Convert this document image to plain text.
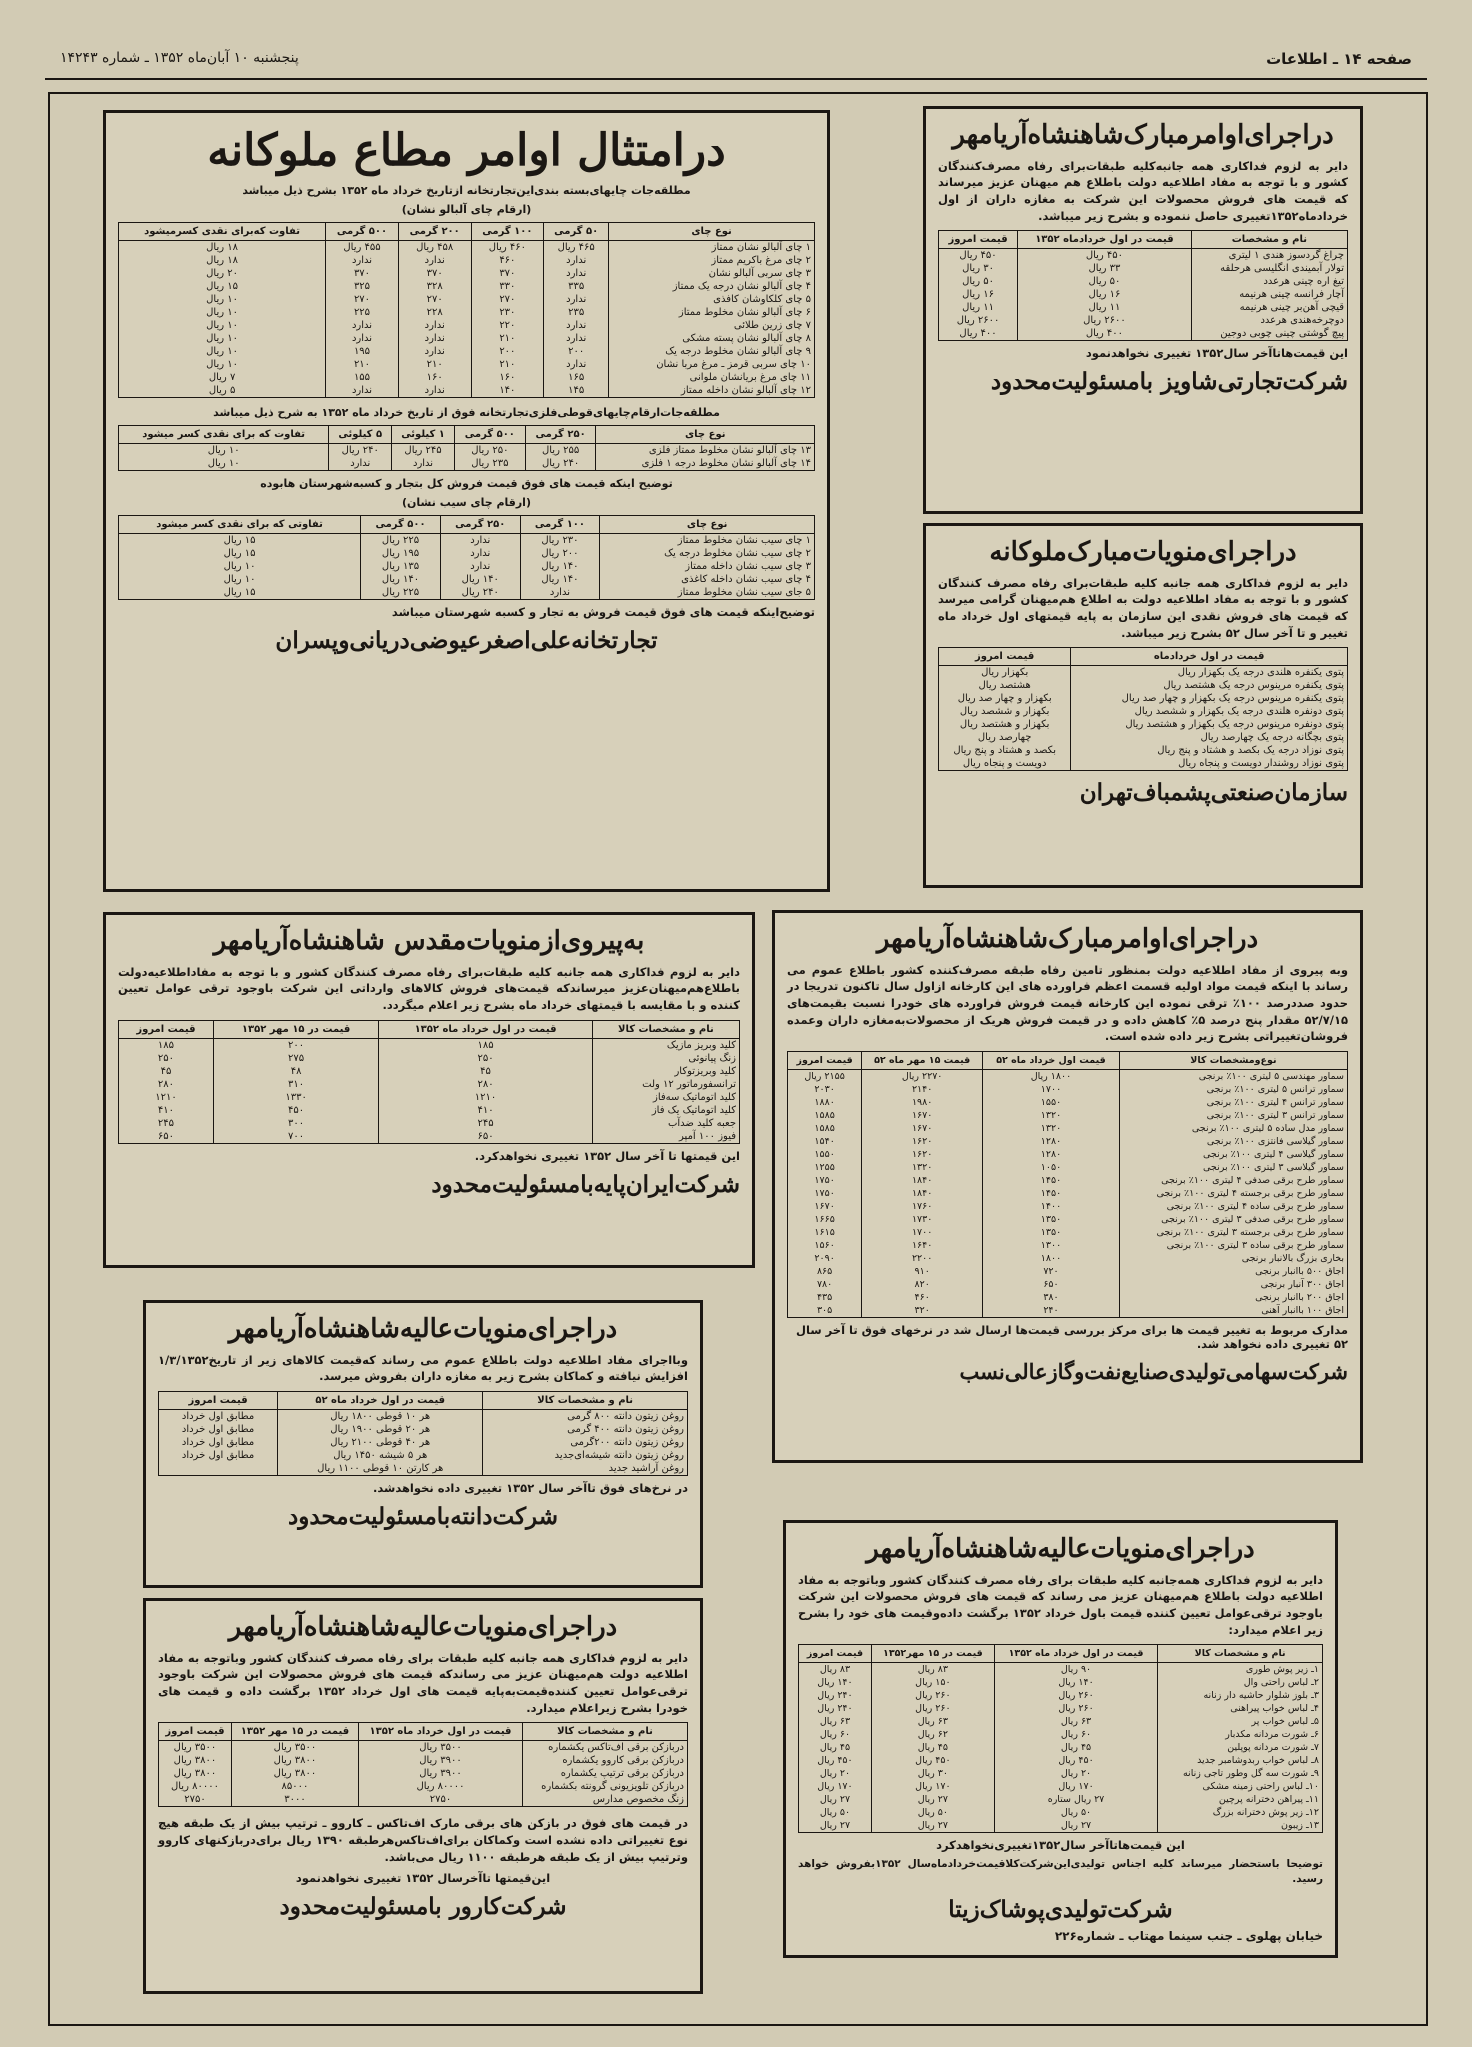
صفحه ۱۴ ـ اطلاعات
پنجشنبه ۱۰ آبان‌ماه ۱۳۵۲ ـ شماره ۱۴۲۴۳
درامتثال اوامر مطاع ملوکانه
مطلقه‌جات چایهای‌بسته بندی‌این‌تجارتخانه ازتاریخ خرداد ماه ۱۳۵۲ بشرح ذیل میباشد
(ارقام چای آلبالو نشان)
نوع چای	۵۰ گرمی	۱۰۰ گرمی	۲۰۰ گرمی	۵۰۰ گرمی	تفاوت که‌برای نقدی کسرمیشود
۱ چای آلبالو نشان ممتاز	۴۶۵ ریال	۴۶۰ ریال	۴۵۸ ریال	۴۵۵ ریال	۱۸ ریال
۲ چای مرغ باکریم ممتاز	ندارد	۴۶۰	ندارد	ندارد	۱۸ ریال
۳ چای سربی آلبالو نشان	ندارد	۳۷۰	۳۷۰	۳۷۰	۲۰ ریال
۴ چای آلبالو نشان درجه یک ممتاز	۳۳۵	۳۳۰	۳۲۸	۳۲۵	۱۵ ریال
۵ چای کلکاوشان کافذی	ندارد	۲۷۰	۲۷۰	۲۷۰	۱۰ ریال
۶ چای آلبالو نشان مخلوط ممتاز	۲۳۵	۲۳۰	۲۲۸	۲۲۵	۱۰ ریال
۷ چای زرین طلائی	ندارد	۲۲۰	ندارد	ندارد	۱۰ ریال
۸ چای آلبالو نشان پسته مشکی	ندارد	۲۱۰	ندارد	ندارد	۱۰ ریال
۹ چای آلبالو نشان مخلوط درجه یک	۲۰۰	۲۰۰	ندارد	۱۹۵	۱۰ ریال
۱۰ چای سربی قرمز ـ مرغ مربا نشان	ندارد	۲۱۰	۲۱۰	۲۱۰	۱۰ ریال
۱۱ چای مرغ بریانشان ملوانی	۱۶۵	۱۶۰	۱۶۰	۱۵۵	۷ ریال
۱۲ چای آلبالو نشان داخله ممتاز	۱۴۵	۱۴۰	ندارد	ندارد	۵ ریال
مطلقه‌جات‌ارقام‌چایهای‌قوطی‌فلزی‌تجارتخانه فوق از تاریخ خرداد ماه ۱۳۵۲ به شرح ذیل میباشد
نوع چای	۲۵۰ گرمی	۵۰۰ گرمی	۱ کیلوئی	۵ کیلوئی	تفاوت که برای نقدی کسر میشود
۱۳ چای آلبالو نشان مخلوط ممتاز فلزی	۲۵۵ ریال	۲۵۰ ریال	۲۴۵ ریال	۲۴۰ ریال	۱۰ ریال
۱۴ چای آلبالو نشان مخلوط درجه ۱ فلزی	۲۴۰ ریال	۲۳۵ ریال	ندارد	ندارد	۱۰ ریال
توضیح اینکه قیمت های فوق قیمت فروش کل بتجار و کسبه‌شهرستان هابوده
(ارقام چای سیب نشان)
نوع چای	۱۰۰ گرمی	۲۵۰ گرمی	۵۰۰ گرمی	تفاوتی که برای نقدی کسر میشود
۱ چای سیب نشان مخلوط ممتاز	۲۳۰ ریال	ندارد	۲۲۵ ریال	۱۵ ریال
۲ چای سیب نشان مخلوط درجه یک	۲۰۰ ریال	ندارد	۱۹۵ ریال	۱۵ ریال
۳ چای سیب نشان داخله ممتاز	۱۴۰ ریال	ندارد	۱۳۵ ریال	۱۰ ریال
۴ چای سیب نشان داخله کاغذی	۱۴۰ ریال	۱۴۰ ریال	۱۴۰ ریال	۱۰ ریال
۵ جای سیب نشان مخلوط ممتاز	ندارد	۲۴۰ ریال	۲۲۵ ریال	۱۵ ریال
توضیح‌اینکه قیمت های فوق قیمت فروش به تجار و کسبه شهرستان میباشد
تجارتخانه‌علی‌اصغر‌عیوضی‌دریانی‌وپسران
دراجرای‌اوامر‌مبارک‌شاهنشاه‌آریامهر

دایر به لزوم فداکاری همه جانبه‌کلیه طبقات‌برای رفاه مصرف‌کنندگان کشور و با توجه به مفاد اطلاعیه دولت باطلاع هم میهنان عزیز میرساند که قیمت های فروش محصولات این شرکت به مغازه داران از اول خرداد‌ماه۱۳۵۲تغییری حاصل ننموده و بشرح زیر میباشد.

نام و مشخصات	قیمت در اول خرداد‌ماه ۱۳۵۲	قیمت امروز
چراغ گردسوز هندی ۱ لیتری	۴۵۰ ریال	۴۵۰ ریال
تولار آبمیندی انگلیسی هرحلقه	۳۳ ریال	۳۰ ریال
تیغ اره چینی هرعدد	۵۰ ریال	۵۰ ریال
آچار فرانسه چینی هرنیمه	۱۶ ریال	۱۶ ریال
قیچی آهن‌بر چینی هرنیمه	۱۱ ریال	۱۱ ریال
دوچرخه‌هندی هرعدد	۲۶۰۰ ریال	۲۶۰۰ ریال
پیچ گوشتی چینی چوبی دوجین	۴۰۰ ریال	۴۰۰ ریال
این قیمت‌هاتاآخر سال۱۳۵۲ تغییری نخواهدنمود
شرکت‌تجارتی‌شاویز بامسئولیت‌محدود
دراجرای‌منویات‌مبارک‌ملوکانه

دایر به لزوم فداکاری همه جانبه کلیه طبقات‌برای رفاه مصرف کنندگان کشور و با توجه به مفاد اطلاعیه دولت به اطلاع هم‌میهنان گرامی میرسد که قیمت های فروش نقدی این سازمان به پایه قیمتهای اول خرداد ماه تغییر و تا آخر سال ۵۲ بشرح زیر میباشد.

قیمت در اول خردادماه	قیمت امروز
پتوی یکنفره هلندی درجه یک بکهزار ریال	بکهزار ریال
پتوی یکنفره مرینوس درجه یک هشتصد ریال	هشتصد ریال
پتوی یکنفره مرینوس درجه یک بکهزار و چهار صد ریال	بکهزار و چهار صد ریال
پتوی دونفره هلندی درجه یک بکهزار و ششصد ریال	بکهزار و ششصد ریال
پتوی دونفره مرینوس درجه یک بکهزار و هشتصد ریال	بکهزار و هشتصد ریال
پتوی بچگانه درجه یک چهارصد ریال	چهارصد ریال
پتوی نوزاد درجه یک بکصد و هشتاد و پنج ریال	بکصد و هشتاد و پنج ریال
پتوی نوزاد روشندار دویست و پنجاه ریال	دویست و پنجاه ریال
سازمان‌صنعتی‌پشمباف‌تهران
به‌پیروی‌از‌منویات‌مقدس شاهنشاه‌آریامهر

دایر به لزوم فداکاری همه جانبه کلیه طبقات‌برای رفاه مصرف کنندگان کشور و با توجه به مفاداطلاعیه‌دولت باطلاع‌هم‌میهنان‌عزیز میرساندکه قیمت‌های فروش کالاهای وارداتی این شرکت باوجود ترقی عوامل تعیین کننده و با مقایسه با قیمتهای خرداد ماه بشرح زیر اعلام میگردد.

نام و مشخصات کالا	قیمت در اول خرداد ماه ۱۳۵۲	قیمت در ۱۵ مهر ۱۳۵۲	قیمت امروز
کلید وبریز مازیک	۱۸۵	۲۰۰	۱۸۵
زنگ پیانوئی	۲۵۰	۲۷۵	۲۵۰
کلید وبریزتوکار	۴۵	۴۸	۴۵
ترانسفورماتور ۱۲ ولت	۲۸۰	۳۱۰	۲۸۰
کلید اتوماتیک سه‌فاز	۱۲۱۰	۱۳۳۰	۱۲۱۰
کلید اتوماتیک یک فاز	۴۱۰	۴۵۰	۴۱۰
جعبه کلید ضدآب	۲۴۵	۳۰۰	۲۴۵
فیوز ۱۰۰ آمپر	۶۵۰	۷۰۰	۶۵۰
این قیمتها تا آخر سال ۱۳۵۲ تغییری نخواهدکرد.
شرکت‌ایران‌پایه‌بامسئولیت‌محدود
دراجرای‌منویات‌عالیه‌شاهنشاه‌آریامهر

وبااجرای مفاد اطلاعیه دولت باطلاع عموم می رساند که‌قیمت کالاهای زیر از تاریخ۱/۳/۱۳۵۲ افزایش نیافته و کماکان بشرح زیر به مغازه داران بفروش میرسد.

نام و مشخصات کالا	قیمت در اول خرداد ماه ۵۲	قیمت امروز
روغن زیتون دانته ۸۰۰ گرمی	هر ۱۰ قوطی ۱۸۰۰ ریال	مطابق اول خرداد
روغن زیتون دانته ۴۰۰ گرمی	هر ۲۰ قوطی ۱۹۰۰ ریال	مطابق اول خرداد
روغن زیتون دانته ۲۰۰گرمی	هر ۴۰ قوطی ۲۱۰۰ ریال	مطابق اول خرداد
روغن زیتون دانته شیشه‌ای‌جدید	هر ۵ شیشه ۱۴۵۰ ریال	مطابق اول خرداد
روغن آراشید جدید	هر کارتن ۱۰ قوطی ۱۱۰۰ ریال	
در نرخ‌های فوق تاآخر سال ۱۳۵۲ تغییری داده نخواهدشد.
شرکت‌دانته‌بامسئولیت‌محدود
دراجرای‌منویات‌عالیه‌شاهنشاه‌آریامهر

دایر به لزوم فداکاری همه جانبه کلیه طبقات برای رفاه مصرف کنندگان کشور وباتوجه به مفاد اطلاعیه دولت هم‌میهنان عزیز می رساندکه قیمت های فروش محصولات این شرکت باوجود ترقی‌عوامل تعیین کننده‌قیمت‌به‌پایه قیمت های اول خرداد ۱۳۵۲ برگشت داده و قیمت های خودرا بشرح زیراعلام میدارد.

نام و مشخصات کالا	قیمت در اول خرداد ماه ۱۳۵۲	قیمت در ۱۵ مهر ۱۳۵۲	قیمت امروز
دربازکن برقی اف‌تاکس یکشماره	۳۵۰۰ ریال	۳۵۰۰ ریال	۳۵۰۰ ریال
دربازکن برقی کاروو یکشماره	۳۹۰۰ ریال	۳۸۰۰ ریال	۳۸۰۰ ریال
دربازکن برقی ترتیپ یکشماره	۳۹۰۰ ریال	۳۸۰۰ ریال	۳۸۰۰ ریال
دربازکن تلویزیونی گرونته بکشماره	۸۰۰۰۰ ریال	۸۵۰۰۰	۸۰۰۰۰ ریال
زنگ مخصوص مدارس	۲۷۵۰	۳۰۰۰	۲۷۵۰

در قیمت های فوق در بازکن های برقی مارک اف‌تاکس ـ کاروو ـ ترتیپ بیش از یک طبقه هیچ نوع تغییراتی داده نشده است وکماکان برای‌اف‌تاکس‌هرطبقه ۱۳۹۰ ریال برای‌دربازکنهای کاروو وترتیپ بیش از یک طبقه هرطبقه ۱۱۰۰ ریال می‌باشد.

این‌قیمتها تاآخرسال ۱۳۵۲ تغییری نخواهدنمود
شرکت‌کارور بامسئولیت‌محدود
دراجرای‌اوامر‌مبارک‌شاهنشاه‌آریامهر

وبه پیروی از مفاد اطلاعیه دولت بمنظور تامین رفاه طبقه مصرف‌کننده کشور باطلاع عموم می رساند با اینکه قیمت مواد اولیه قسمت اعظم فراورده های این کارخانه ازاول سال تاکنون تدریجا در حدود صددرصد ۱۰۰٪ ترقی نموده این کارخانه قیمت فروش فراورده های خودرا نسبت بقیمت‌های ۵۲/۷/۱۵ مقدار پنج درصد ۵٪ کاهش داده و در قیمت فروش هریک از محصولات‌به‌مغازه داران وعمده فروشان‌تغییراتی بشرح زیر داده شده است.

نوع‌و‌مشخصات کالا	قیمت اول خرداد ماه ۵۲	قیمت ۱۵ مهر ماه ۵۲	قیمت امروز
سماور مهندسی ۵ لیتری ۱۰۰٪ برنجی	۱۸۰۰ ریال	۲۲۷۰ ریال	۲۱۵۵ ریال
سماور ترانس ۵ لیتری ۱۰۰٪ برنجی	۱۷۰۰	۲۱۴۰	۲۰۳۰
سماور ترانس ۴ لیتری ۱۰۰٪ برنجی	۱۵۵۰	۱۹۸۰	۱۸۸۰
سماور ترانس ۳ لیتری ۱۰۰٪ برنجی	۱۳۲۰	۱۶۷۰	۱۵۸۵
سماور مدل ساده ۵ لیتری ۱۰۰٪ برنجی	۱۳۲۰	۱۶۷۰	۱۵۸۵
سماور گیلاسی فانتزی ۱۰۰٪ برنجی	۱۲۸۰	۱۶۲۰	۱۵۴۰
سماور گیلاسی ۴ لیتری ۱۰۰٪ برنجی	۱۲۸۰	۱۶۲۰	۱۵۵۰
سماور گیلاسی ۳ لیتری ۱۰۰٪ برنجی	۱۰۵۰	۱۳۲۰	۱۲۵۵
سماور طرح برقی صدفی ۴ لیتری ۱۰۰٪ برنجی	۱۴۵۰	۱۸۴۰	۱۷۵۰
سماور طرح برقی برجسته ۴ لیتری ۱۰۰٪ برنجی	۱۴۵۰	۱۸۴۰	۱۷۵۰
سماور طرح برقی ساده ۴ لیتری ۱۰۰٪ برنجی	۱۴۰۰	۱۷۶۰	۱۶۷۰
سماور طرح برقی صدفی ۳ لیتری ۱۰۰٪ برنجی	۱۳۵۰	۱۷۳۰	۱۶۶۵
سماور طرح برقی برجسته ۳ لیتری ۱۰۰٪ برنجی	۱۳۵۰	۱۷۰۰	۱۶۱۵
سماور طرح برقی ساده ۳ لیتری ۱۰۰٪ برنجی	۱۳۰۰	۱۶۴۰	۱۵۶۰
بخاری بزرگ بالانبار برنجی	۱۸۰۰	۲۲۰۰	۲۰۹۰
اجاق ۵۰۰ باانبار برنجی	۷۲۰	۹۱۰	۸۶۵
اجاق ۳۰۰ آنبار برنجی	۶۵۰	۸۲۰	۷۸۰
اجاق ۲۰۰ باانبار برنجی	۳۸۰	۴۶۰	۴۳۵
اجاق ۱۰۰ باانبار آهنی	۲۴۰	۳۲۰	۳۰۵
مدارک مربوط به تغییر قیمت ها برای مرکز بررسی قیمت‌ها ارسال شد در نرخهای فوق تا آخر سال ۵۲ تغییری داده نخواهد شد.
شرکت‌سهامی‌تولیدی‌صنایع‌نفت‌وگاز‌عالی‌نسب
دراجرای‌منویات‌عالیه‌شاهنشاه‌آریامهر

دایر به لزوم فداکاری همه‌جانبه کلیه طبقات برای رفاه مصرف کنندگان کشور وباتوجه به مفاد اطلاعیه دولت باطلاع هم‌میهنان عزیز می رساند که قیمت های فروش محصولات این شرکت باوجود ترقی‌عوامل تعیین کننده قیمت باول خرداد ۱۳۵۲ برگشت داده‌وقیمت های خود را بشرح زیر اعلام میدارد:

نام و مشخصات کالا	قیمت در اول خرداد ماه ۱۳۵۲	قیمت در ۱۵ مهر۱۳۵۲	قیمت امروز
۱ـ زیر پوش طوری	۹۰ ریال	۸۳ ریال	۸۳ ریال
۲ـ لباس راحتی وال	۱۴۰ ریال	۱۵۰ ریال	۱۴۰ ریال
۳ـ بلوز شلوار حاشیه دار زنانه	۲۶۰ ریال	۲۶۰ ریال	۲۴۰ ریال
۴ـ لباس خواب پیراهنی	۲۶۰ ریال	۲۶۰ ریال	۲۴۰ ریال
۵ـ لباس خواب پر	۶۳ ریال	۶۳ ریال	۶۳ ریال
۶ـ شورت مردانه مکدبار	۶۰ ریال	۶۲ ریال	۶۰ ریال
۷ـ شورت مردانه پوپلین	۴۵ ریال	۴۵ ریال	۴۵ ریال
۸ـ لباس خواب ربدوشامبر جدید	۴۵۰ ریال	۴۵۰ ریال	۴۵۰ ریال
۹ـ شورت سه گل وطور تاجی زنانه	۲۰ ریال	۳۰ ریال	۲۰ ریال
۱۰ـ لباس راحتی زمینه مشکی	۱۷۰ ریال	۱۷۰ ریال	۱۷۰ ریال
۱۱ـ پیراهن دخترانه پرچین	۲۷ ریال ستاره	۲۷ ریال	۲۷ ریال
۱۲ـ زیر پوش دخترانه بزرگ	۵۰ ریال	۵۰ ریال	۵۰ ریال
۱۳ـ زیبون	۲۷ ریال	۲۷ ریال	۲۷ ریال
این قیمت‌هاتاآخر سال۱۳۵۲تغییری‌نخواهدکرد

توضیحا باستحضار میرساند کلیه اجناس تولیدی‌این‌شرکت‌کلاقیمت‌خرداد‌ماه‌سال ۱۳۵۲بفروش خواهد رسید.

شرکت‌تولیدی‌پوشاک‌زیتا
خیابان پهلوی ـ جنب سینما مهتاب ـ شماره۲۲۶
